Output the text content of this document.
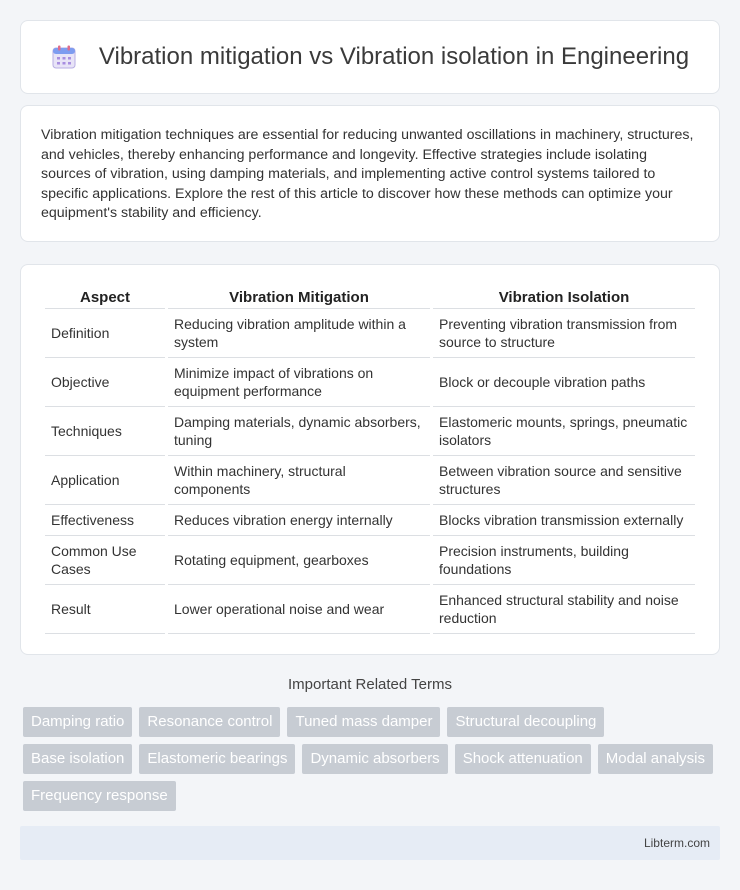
Vibration mitigation vs Vibration isolation in Engineering

Vibration mitigation techniques are essential for reducing unwanted oscillations in machinery, structures, and vehicles, thereby enhancing performance and longevity. Effective strategies include isolating sources of vibration, using damping materials, and implementing active control systems tailored to specific applications. Explore the rest of this article to discover how these methods can optimize your equipment's stability and efficiency.

Aspect	Vibration Mitigation	Vibration Isolation
Definition	Reducing vibration amplitude within a system	Preventing vibration transmission from source to structure
Objective	Minimize impact of vibrations on equipment performance	Block or decouple vibration paths
Techniques	Damping materials, dynamic absorbers, tuning	Elastomeric mounts, springs, pneumatic isolators
Application	Within machinery, structural components	Between vibration source and sensitive structures
Effectiveness	Reduces vibration energy internally	Blocks vibration transmission externally
Common Use Cases	Rotating equipment, gearboxes	Precision instruments, building foundations
Result	Lower operational noise and wear	Enhanced structural stability and noise reduction
Important Related Terms
Damping ratio	Resonance control	Tuned mass damper	Structural decoupling
Base isolation	Elastomeric bearings	Dynamic absorbers	Shock attenuation	Modal analysis
Frequency response
Libterm.com
